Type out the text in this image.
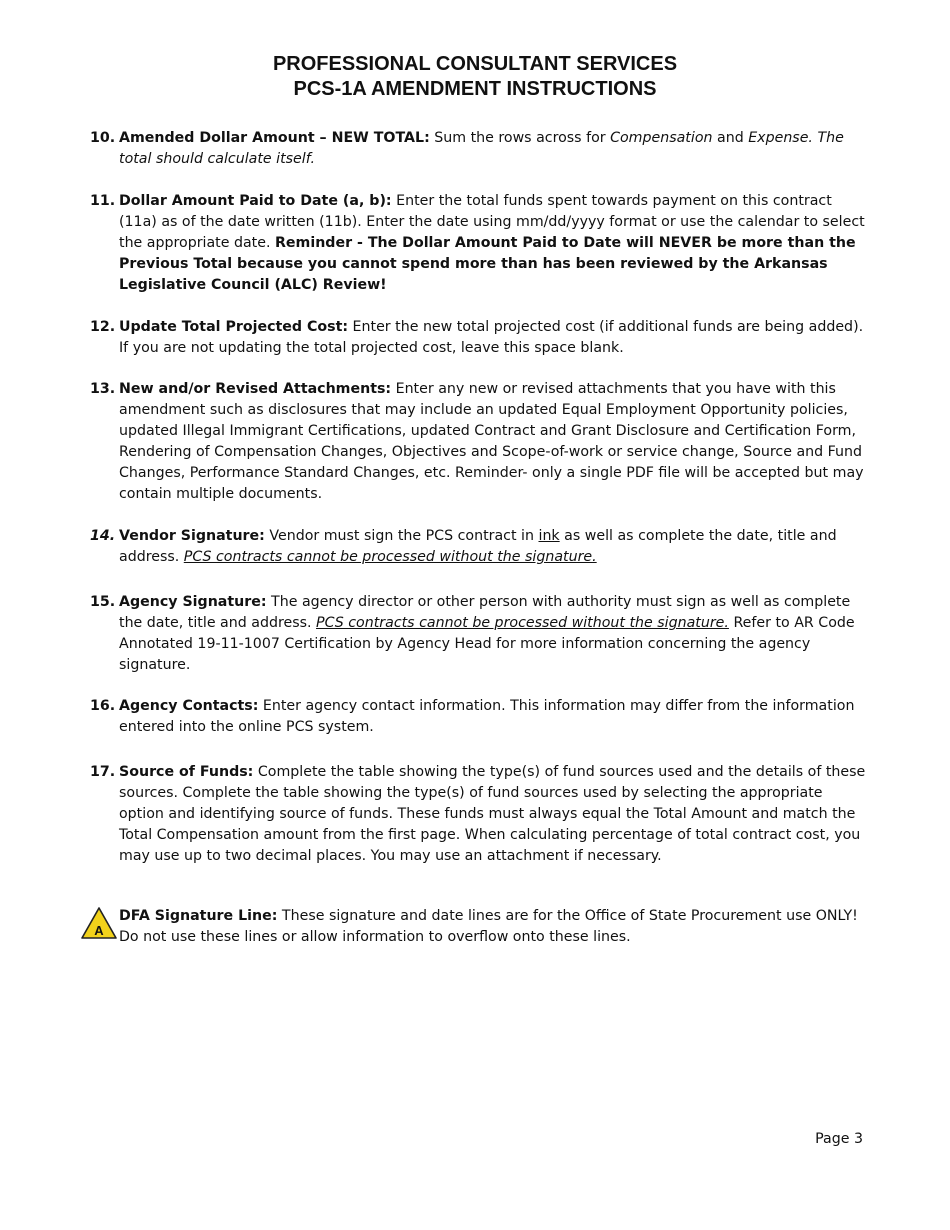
PROFESSIONAL CONSULTANT SERVICES
PCS-1A AMENDMENT INSTRUCTIONS
10. Amended Dollar Amount – NEW TOTAL: Sum the rows across for Compensation and Expense. The total should calculate itself.
11. Dollar Amount Paid to Date (a, b): Enter the total funds spent towards payment on this contract (11a) as of the date written (11b). Enter the date using mm/dd/yyyy format or use the calendar to select the appropriate date. Reminder - The Dollar Amount Paid to Date will NEVER be more than the Previous Total because you cannot spend more than has been reviewed by the Arkansas Legislative Council (ALC) Review!
12. Update Total Projected Cost: Enter the new total projected cost (if additional funds are being added). If you are not updating the total projected cost, leave this space blank.
13. New and/or Revised Attachments: Enter any new or revised attachments that you have with this amendment such as disclosures that may include an updated Equal Employment Opportunity policies, updated Illegal Immigrant Certifications, updated Contract and Grant Disclosure and Certification Form, Rendering of Compensation Changes, Objectives and Scope-of-work or service change, Source and Fund Changes, Performance Standard Changes, etc. Reminder- only a single PDF file will be accepted but may contain multiple documents.
14. Vendor Signature: Vendor must sign the PCS contract in ink as well as complete the date, title and address. PCS contracts cannot be processed without the signature.
15. Agency Signature: The agency director or other person with authority must sign as well as complete the date, title and address. PCS contracts cannot be processed without the signature. Refer to AR Code Annotated 19-11-1007 Certification by Agency Head for more information concerning the agency signature.
16. Agency Contacts: Enter agency contact information. This information may differ from the information entered into the online PCS system.
17. Source of Funds: Complete the table showing the type(s) of fund sources used and the details of these sources. Complete the table showing the type(s) of fund sources used by selecting the appropriate option and identifying source of funds. These funds must always equal the Total Amount and match the Total Compensation amount from the first page. When calculating percentage of total contract cost, you may use up to two decimal places. You may use an attachment if necessary.
A
DFA Signature Line: These signature and date lines are for the Office of State Procurement use ONLY! Do not use these lines or allow information to overflow onto these lines.
Page 3
